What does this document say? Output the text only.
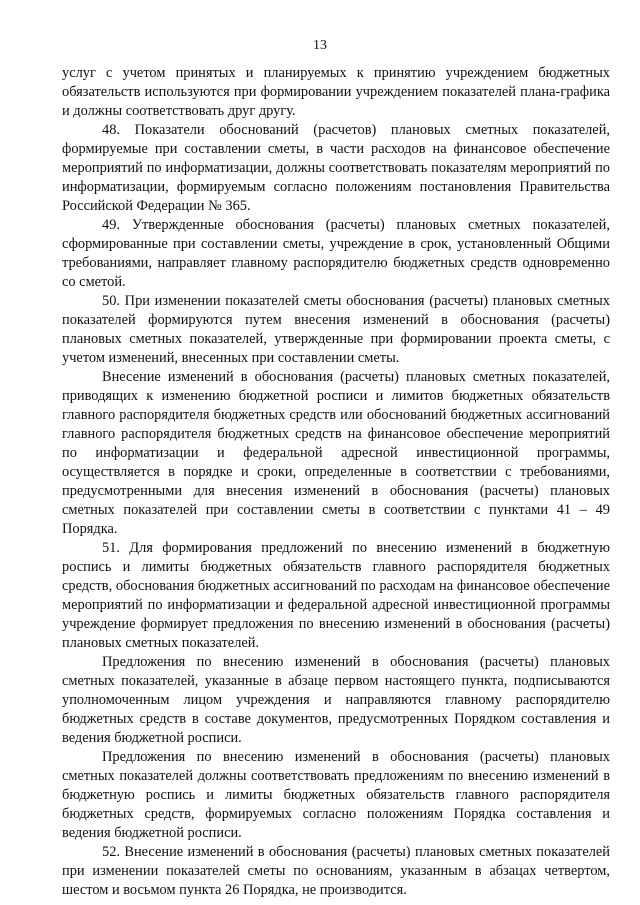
13

услуг с учетом принятых и планируемых к принятию учреждением бюджетных обязательств используются при формировании учреждением показателей плана-графика и должны соответствовать друг другу.

48. Показатели обоснований (расчетов) плановых сметных показателей, формируемые при составлении сметы, в части расходов на финансовое обеспечение мероприятий по информатизации, должны соответствовать показателям мероприятий по информатизации, формируемым согласно положениям постановления Правительства Российской Федерации № 365.

49. Утвержденные обоснования (расчеты) плановых сметных показателей, сформированные при составлении сметы, учреждение в срок, установленный Общими требованиями, направляет главному распорядителю бюджетных средств одновременно со сметой.

50. При изменении показателей сметы обоснования (расчеты) плановых сметных показателей формируются путем внесения изменений в обоснования (расчеты) плановых сметных показателей, утвержденные при формировании проекта сметы, с учетом изменений, внесенных при составлении сметы.

Внесение изменений в обоснования (расчеты) плановых сметных показателей, приводящих к изменению бюджетной росписи и лимитов бюджетных обязательств главного распорядителя бюджетных средств или обоснований бюджетных ассигнований главного распорядителя бюджетных средств на финансовое обеспечение мероприятий по информатизации и федеральной адресной инвестиционной программы, осуществляется в порядке и сроки, определенные в соответствии с требованиями, предусмотренными для внесения изменений в обоснования (расчеты) плановых сметных показателей при составлении сметы в соответствии с пунктами 41 – 49 Порядка.

51. Для формирования предложений по внесению изменений в бюджетную роспись и лимиты бюджетных обязательств главного распорядителя бюджетных средств, обоснования бюджетных ассигнований по расходам на финансовое обеспечение мероприятий по информатизации и федеральной адресной инвестиционной программы учреждение формирует предложения по внесению изменений в обоснования (расчеты) плановых сметных показателей.

Предложения по внесению изменений в обоснования (расчеты) плановых сметных показателей, указанные в абзаце первом настоящего пункта, подписываются уполномоченным лицом учреждения и направляются главному распорядителю бюджетных средств в составе документов, предусмотренных Порядком составления и ведения бюджетной росписи.

Предложения по внесению изменений в обоснования (расчеты) плановых сметных показателей должны соответствовать предложениям по внесению изменений в бюджетную роспись и лимиты бюджетных обязательств главного распорядителя бюджетных средств, формируемых согласно положениям Порядка составления и ведения бюджетной росписи.

52. Внесение изменений в обоснования (расчеты) плановых сметных показателей при изменении показателей сметы по основаниям, указанным в абзацах четвертом, шестом и восьмом пункта 26 Порядка, не производится.
